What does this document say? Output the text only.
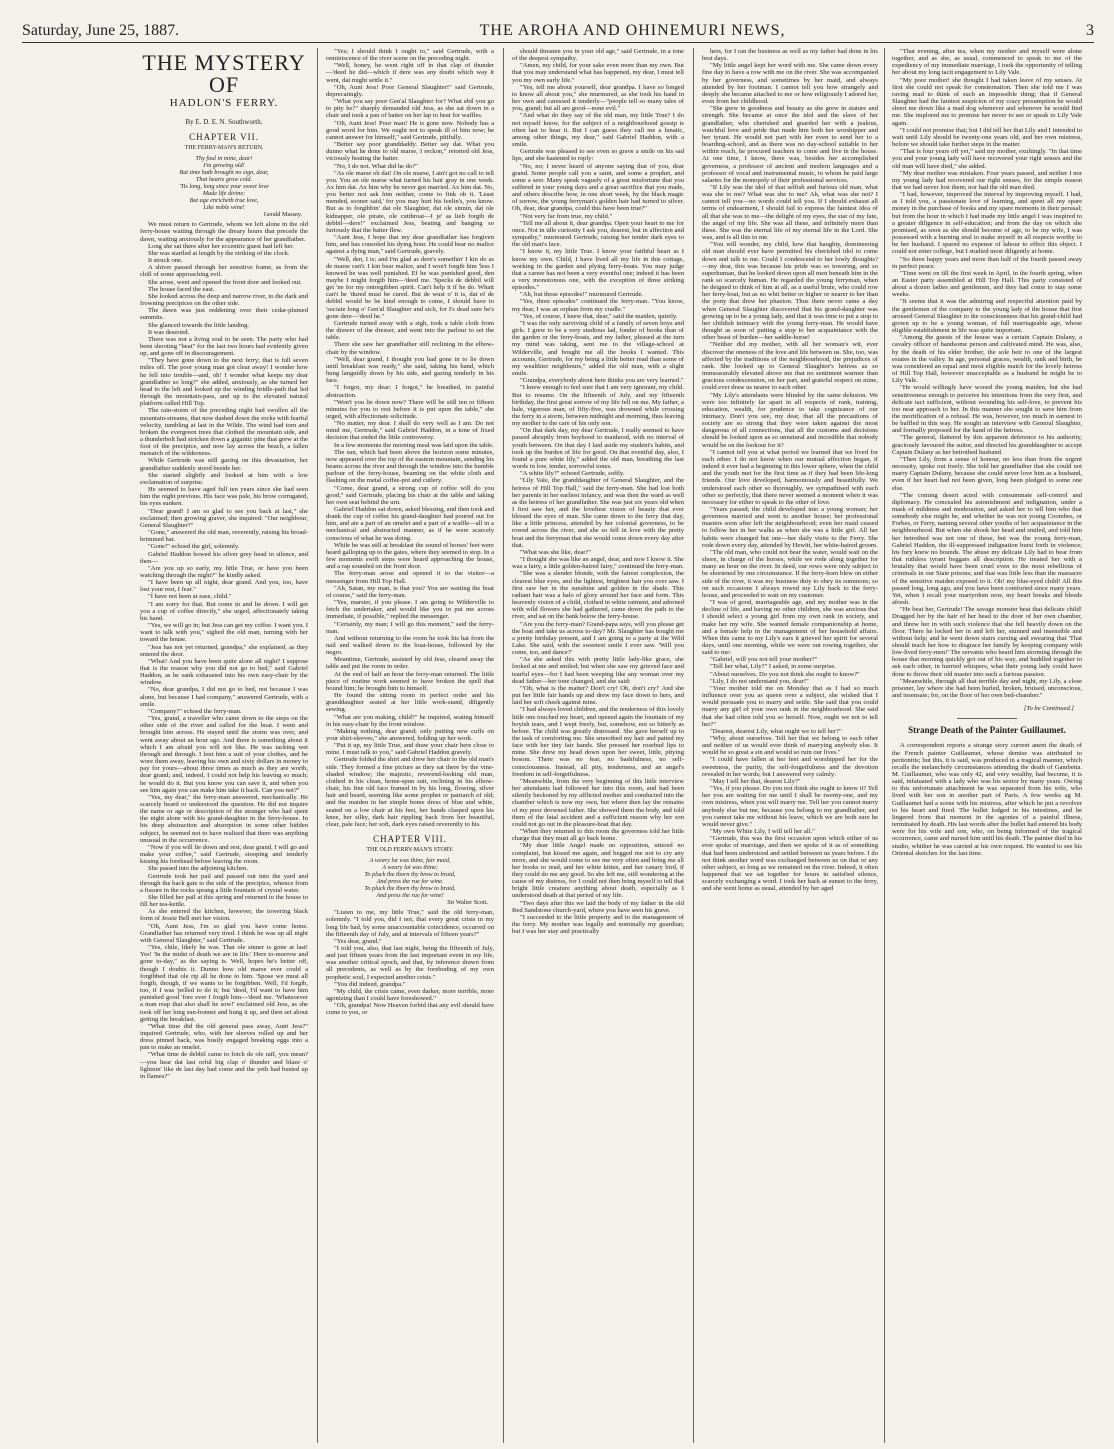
Saturday, June 25, 1887.	THE AROHA AND OHINEMURI NEWS,	3
THE MYSTERY OF
HADLON'S FERRY.
By E. D. E. N. Southworth.
CHAPTER VII.
THE FERRY-MAN'S RETURN.
Thy foul in mine, dear!
I'm growing old!
But time hath brought no sign, dear,
That hearts grow cold.
'Tis long, long since your sweet love
Made life divine;
But age enricheth true love,
Like noble wine!
Gerald Massey.

We must return to Gertrude, whom we left alone in the old ferry-house waiting through the dreary hours that precede the dawn, waiting anxiously for the appearance of her grandfather.

Long she sat there after her eccentric guest had left her.

She was startled at length by the striking of the clock.

It struck one.

A shiver passed through her sensitive frame, as from the chill of some approaching evil.

She arose, went and opened the front door and looked out.

The house faced the east.

She looked across the deep and narrow river, to the dark and frowning precipices on the other side.

The dawn was just reddening over their cedar-plumed summits.

She glanced towards the little landing.

It was deserted.

There was not a living soul to be seen. The party who had been shooting "beat" for the last two hours had evidently given up, and gone off in discouragement.

"They have gone down to the next ferry; that is full seven miles off. The poor young man got clear away! I wonder how he fell into trouble—and, oh! I wonder what keeps my dear grandfather so long?" she added, anxiously, as she turned her head to the left and looked up the winding bridle-path that led through the mountain-pass, and up to the elevated natural platform called Hill Top.

The rain-storm of the preceding night had swollen all the mountain-streams, that now dashed down the rocks with fearful velocity, tumbling at last in the Wilde. The wind had torn and broken the evergreen trees that clothed the mountain side, and a thunderbolt had stricken down a gigantic pine that grew at the foot of the precipice, and now lay across the beach, a fallen monarch of the wilderness.

While Gertrude was still gazing on this devastation, her grandfather suddenly stood beside her.

She started slightly and looked at him with a low exclamation of surprise.

He seemed to have aged full ten years since she had seen him the night previous. His face was pale, his brow corrugated, his eyes sunken.

"Dear grand! I am so glad to see you back at last," she exclaimed; then growing graver, she inquired: "Our neighbour, General Slaughter?"

"Gone," answered the old man, reverently, raising his broad-brimmed hat.

"Gone!" echoed the girl, solemnly.

Gabriel Haddon bowed his silver grey head in silence, and then—

"Are you up so early, my little True, or have you been watching through the night?" he kindly asked.

"I have been up all night, dear grand. And you, too, have lost your rest, I fear."

"I have not been at ease, child."

"I am sorry for that. But come in and lie down. I will get you a cup of coffee directly," she urged, affectionately taking his hand.

"Yes, we will go in; but Jess can get my coffee. I want you. I want to talk with you," sighed the old man, turning with her toward the house.

"Jess has not yet returned, grandpa," she explained, as they entered the door.

"What! And you have been quite alone all night? I suppose that is the reason why you did not go to bed," said Gabriel Haddon, as he sank exhausted into his own easy-chair by the window.

"No, dear grandpa, I did not go to bed, not because I was alone, but because I had company," answered Gertrude, with a smile.

"Company?" echoed the ferry-man.

"Yes, grand, a traveller who came down to the steps on the other side of the river and called for the boat. I went and brought him across. He stayed until the storm was over, and went away about an hour ago. And there is something about it which I am afraid you will not like. He was tacking wet through and through. I lent him a suit of your clothes, and he wore them away, leaving his own and sixty dollars in money to pay for yours—about three times as much as they are worth, dear grand; and, indeed, I could not help his leaving so much; he would do it. But you know you can save it, and when you see him again you can make him take it back. Can you not?"

"Yes, my dear," the ferry-man answered, mechanically. He scarcely heard or understood the question. He did not inquire the name or age or description of the stranger who had spent the night alone with his grand-daughter in the ferry-house. In his deep abstraction and absorption in some other hidden subject, he seemed not to have realised that there was anything unusual in the occurrence.

"Now if you will lie down and rest, dear grand, I will go and make your coffee," said Gertrude, stooping and tenderly kissing his forehead before leaving the room.

She passed into the adjoining kitchen.

Gertrude took her pail and passed out into the yard and through the back gate to the side of the precipice, whence from a fissure in the rocks sprang a little fountain of crystal water.

She filled her pail at this spring and returned to the house to fill her tea-kettle.

As she entered the kitchen, however, the towering black form of Jessie Bell met her vision.

"Oh, Aunt Jess, I'm so glad you have come home. Grandfather has returned very tired. I think he was up all night with General Slaughter," said Gertrude.

"Yes, chile, likely he was. That ole sinner is gone at last! Yes! 'In the midst of death we are in life.' Here to-morrow and gone to-day," as the saying is. Well, hopes he's better off, though I doubts it. Dunno how old marse ever could a forgibbed that ole rip all he done to him. 'Spose we must all forgib, though, if we wants to be forgibben. Well, I'd forgib, too, if I was 'pelled to do it; but 'deed, I'd want to have him punished good 'fore ever I forgib him—'deed me. 'Whatsoever a man reap that also shall he sow!' exclaimed old Jess, as she took off her long sun-bonnet and hung it up, and then set about getting the breakfast.

"What time did the old general pass away, Aunt Jess?" inquired Gertrude, who, with her sleeves rolled up and her dress pinned back, was busily engaged breaking eggs into a pan to make an omelet.

"What time de debbil came to fotch de ole raff, you mean?—you hear dat last orful big clap o' thunder and blaze o' lightnin' like de last day had come and the yeth had busted up in flames?"

"Yes; I should think I ought to," said Gertrude, with a reminiscence of the river scene on the preceding night.

"Well, honey, he went right off in that clap of thunder—'deed he did—which if dere was any doubt which way it went, dat might settle it."

"Oh, Aunt Jess! Poor General Slaughter!" said Gertrude, deprecatingly.

"What you say poor Gen'al Slaughter for? What ebil you go to pity he?" sharply demanded old Jess, as she sat down in a chair and took a pan of batter on her lap to beat for waffles.

"Oh, Aunt Jess! Poor man! He is gone now. Nobody has a good word for him. We ought not to speak ill of him now; he cannot answer for himself," said Gertrude, pitifully.

"Better say poor granddaddy. Better say dat. What you dunno what he done to old marse, I reckon," retorted old Jess, viciously beating the batter.

"No, I do not. What did he do?"

"As ole marse ob dat! On ole marse, I ain't got no call to tell you. You an ole marse what turned his hair gray in one week. Ax him dat. Ax him why he never got married. Ax him dat. No, you better not ask him neither, come to fink ob it. 'Least mended, sooner said,' for you may hurt his feelin's, you know. But as to forgibbin' dat ole Slaughter, dat ole sinnin, dat ole kidnapper, ole pirate, ole cutthroat—I je' as lieb forgib de debbil—dere!" exclaimed Jess, beating and banging so furiously that the batter flew.

"Aunt Jess, I hope that my dear grandfather has forgiven him, and has consoled his dying hour. He could bear no malice against a dying man," said Gertrude, gravely.

"Well, den, I is; and I'm glad as dere's somethin' I kin do as de marse can't. I kin bear malice, and I won't forgib him 'less I knowed he was well punished. Ef he was punished good, den maybe I might forgib him—'deed me. 'Specks de debbil will get 'ne for my ontorgibben spirit. Can't help it if he do. Whatt can't be 'dured must be cured. But de wust o' it is, dat ef de debbil would be be kind enough to come, I should have to 'sociate long o' Gen'al Slaughter and sich, for I's dead sure he's gone dere—'deed he."

Gertrude turned away with a sigh, took a table cloth from the drawer of the dresser, and went into the parlour to set the table.

There she saw her grandfather still reclining in the elbow-chair by the window.

"Well, dear grand, I thought you had gone in to lie down until breakfast was ready," she said, taking his hand, which hung languidly down by his side, and gazing tenderly in his face.

"I forgot, my dear; I forgot," he breathed, in painful abstraction.

"Won't you lie down now? There will be still ten or fifteen minutes for you to rest before it is put upon the table," she urged, with affectionate solicitude.

"No matter, my dear. I shall do very well as I am. Do not mind me, Gertrude," said Gabriel Haddon, in a tone of fixed decision that ended the little controversy.

In a few moments the morning meal was laid upon the table.

The sun, which had been above the horizon some minutes, now appeared over the top of the eastern mountain, sending his beams across the river and through the window into the humble parlour of the ferry-house, beaming on the white cloth and flashing on the metal coffee-pot and cutlery.

"Come, dear grand, a strong cup of coffee will do you good," said Gertrude, placing his chair at the table and taking her own seat behind the urn.

Gabriel Haddon sat down, asked blessing, and then took and drank the cup of coffee his grand-daughter had poured out for him, and ate a part of an omelet and a part of a waffle—all in a mechanical and abstracted manner, as if he were scarcely conscious of what he was doing.

While he was still at breakfast the sound of horses' feet were heard galloping up to the gates, where they seemed to stop. In a few moments swift steps were heard approaching the house, and a rap sounded on the front door.

The ferry-man arose and opened it to the visitor—a messenger from Hill Top Hall.

"Ah, Satan, my man, is that you? You are waiting the boat of course," said the ferry-man.

"Yes, marster, if you please. I am going to Wilderville to fetch the undertaker, and would like you to put me across immediate, if possible," replied the messenger.

"Certainly, my man; I will go this moment," said the ferry-man.

And without returning to the room he took his hat from the nail and walked down to the boat-house, followed by the negro.

Meantime, Gertrude, assisted by old Jess, cleared away the table and put the room in order.

At the end of half an hour the ferry-man returned. The little piece of routine work seemed to have broken the spell that bound him; he brought him to himself.

He found the sitting room in perfect order and his granddaughter seated at her little work-stand, diligently sewing.

"What are you making, child?" he inquired, seating himself in his easy-chair by the front window.

"Making nothing, dear grand; only putting new cuffs on your shirt-sleeves," she answered, holding up her work.

"Put it up, my little True, and draw your chair here close to mine. I must talk to you," said Gabriel Haddon gravely.

Gertrude folded the shirt and drew her chair to the old man's side. They formed a fine picture as they sat there by the vine-shaded window; the majestic, reverend-looking old man, clothed in his clean, home-spun suit, reclining in his elbow-chair, his fine old face framed in by his long, flowing, silver hair and beard, seeming like some prophet or patriarch of old; and the maiden in her simple home dress of blue and white, seated on a low chair at his feet, her hands clasped upon his knee, her silky, dark hair rippling back from her beautiful, clear, pale face; her soft, dark eyes raised reverently to his.

CHAPTER VIII.
THE OLD FERRY-MAN'S STORY.
A weary lot was thine, fair maid,
A weary lot was thine;
To pluck the thorn thy brow to braid,
And press the rue for wine.
To pluck the thorn thy brow to braid,
And press the rue for wine!
Sir Walter Scott.

"Listen to me, my little True," said the old ferry-man, solemnly. "I told you, did I not, that every great crisis in my long life had, by some unaccountable coincidence, occurred on the fifteenth day of July, and at intervals of fifteen years?"

"Yes dear, grand."

"I told you, also, that last night, being the fifteenth of July, and just fifteen years from the last important event in my life, was another critical epoch, and that, by inference drawn from all precedents, as well as by the foreboding of my own prophetic soul, I expected another crisis."

"You did indeed, grandpa."

"My child, the crisis came, even darker, more terrible, more agonizing than I could have foreshowed."

"Oh, grandpa! Now Heaven forbid that any evil should have come to you, or

should threaten you in your old age," said Gertrude, in a tone of the deepest sympathy.

"Amen, my child, for your sake even more than my own. But that you may understand what has happened, my dear, I must tell you my own early life."

"Yes, tell me about yourself, dear grandpa. I have so longed to know all about you," she murmured, as she took his hand in her own and caressed it tenderly—"people tell so many tales of you, grand; but all are good—none evil."

"And what do they say of the old man, my little True? I do not myself know, for the subject of a neighbourhood gossip is often last to hear it. But I can guess they call me a lunatic, among other things, my dear," said Gabriel Haddon, with a smile.

Gertrude was pleased to see even so grave a smile on his sad lips, and she hastened to reply:

"No, no; I never heard of anyone saying that of you, dear grand. Some people call you a saint, and some a prophet, and some a seer. Many speak vaguely of a great misfortune that you suffered in your young days and a great sacrifice that you made, and others describe how, in one short week, by the black magic of sorrow, the young ferryman's golden hair had turned to silver. Oh, dear, dear grandpa, could this have been true?"

"Not very far from true, my child."

"Tell me all about it, dear grandpa. Open your heart to me for once. Not in idle curiosity I ask you, dearest, but in affection and sympathy," murmured Gertrude, raising her tender dark eyes to the old man's face.

"I know it, my little True. I know your faithful heart as I know my own. Child, I have lived all my life in this cottage, working in the garden and plying ferry-boats. You may judge that a career has not been a very eventful one; indeed it has been a very monotonous one, with the exception of three striking episodes."

"Ah, but those episodes!" murmured Gertrude.

"Yes, three episodes" continued the ferry-man. "You know, my dear, I was an orphan from my cradle."

"Yes, of course, I knew that, dear," said the maiden, quietly.

"I was the only surviving child of a family of seven boys and girls. I grew to be a very studious lad, fonder of books than of the garden or the ferry-boats, and my father, pleased at the turn my mind was taking, sent me to the village-school at Wilderville, and bought me all the books I wanted. This accounts, Gertrude, for my being a little better read than some of my wealthier neighbours," added the old man, with a slight smile.

"Grandpa, everybody about here thinks you are very learned."

"I knew enough to feel sure that I am very ignorant, my child. But to resume. On the fifteenth of July, and my fifteenth birthday, the first great sorrow of my life fell on me. My father, a hale, vigorous man, of fifty-five, was drowned while crossing the ferry in a storm, between midnight and morning, thus leaving my mother to the care of his only son.

"On that dark day, my dear Gertrude, I really seemed to have passed abruptly from boyhood to manhood, with no interval of youth between. On that day I laid aside my student's habits, and took up the burden of life for good. On that eventful day, also, I found a pure white lily," added the old man, breathing the last words in low, tender, sorrowful tones.

"A white lily?" echoed Gertrude, softly.

"Lily Vale, the granddaughter of General Slaughter, and the heiress of Hill Top Hall," said the ferry-man. She had lost both her parents in her earliest infancy, and was then the ward as well as the heiress of her grandfather. She was just six years old when I first saw her, and the loveliest vision of beauty that ever blessed the eyes of man. She came down to the ferry that day, like a little princess, attended by her colonial governess, to be rowed across the river, and she so fell in love with the pretty boat and the ferryman that she would come down every day after that.

"What was she like, dear?"

"I thought she was like an angel, dear, and now I know it. She was a fairy, a little golden-haired fairy," continued the ferry-man.

"She was a slender blonde, with the fairest complexion, the clearest blue eyes, and the lightest, brightest hair you ever saw. I first saw her in the sunshine and golden in the shade. This radiant hair was a halo of glory around her face and form. This heavenly vision of a child, clothed in white raiment, and adorned with wild flowers she had gathered, came down the path to the river, and sat on the bank below the ferry-house.

"Are you the ferry-man? Grand-papa says, will you please get the boat and take us across to-day? Mr. Slaughter has bought me a pretty birthday present, and I am going to a party at the Wild Lake. She said, with the sweetest smile I ever saw. 'Will you come, too, and dance?'

"As she asked this with pretty little lady-like grace, she looked at me and smiled; but when she saw my grieved face and tearful eyes—for I had been weeping like any woman over my dead father—her tone changed, and she said:

"'Oh, what is the matter? Don't cry! Oh, don't cry!' And she put her little fair hands up and drew my face down to hers, and laid her soft cheek against mine.

"I had always loved children, and the tenderness of this lovely little one touched my heart, and opened again the fountain of my boyish tears, and I wept freely, but, somehow, not so bitterly as before. The child was greatly distressed. She gave herself up to the task of comforting me. She smoothed my hair and patted my face with her tiny fair hands. She pressed her rosebud lips to mine. She drew my head down upon her sweet, little, pitying bosom. There was no fear, no bashfulness, no self-consciousness. Instead, all pity, tenderness, and an angel's freedom in self-forgetfulness.

"Meanwhile, from the very beginning of this little interview her attendants had followed her into this room, and had been silently beckoned by my afflicted mother and conducted into the chamber which is now my own, but where then lay the remains of my poor drowned father. She showed them the body, and told them of the fatal accident and a sufficient reason why her son could not go out in the pleasure-boat that day.

"When they returned to this room the governess told her little charge that they must all go back home.

"My dear little Angel made no opposition, uttered no complaint, but kissed me again, and begged me not to cry any more, and she would come to see me very often and bring me all her books to read, and her white kitten, and her canary bird, if they could do me any good. So she left me, still wondering at the cause of my distress, for I could not then bring myself to tell that bright little creature anything about death, especially as I understood death at that period of my life.

"Two days after this we laid the body of my father in the old Red Sandstone church-yard, where you have seen his grave.

"I succeeded to the little property and to the management of the ferry. My mother was legally and nominally my guardian; but I was her stay and practically

hers, for I ran the business as well as my father had done in his best days.

"My little angel kept her word with me. She came down every fine day to have a row with me on the river. She was accompanied by her governess, and sometimes by her maid, and always attended by her footman. I cannot tell you how strangely and deeply she became attached to me or how religiously I adored her, even from her childhood.

"She grew in goodness and beauty as she grew in stature and strength. She became at once the idol and the slave of her grandfather, who cherished and guarded her with a jealous, watchful love and pride that made him both her worshipper and her tyrant. He would not part with her even to send her to a boarding-school, and as there was no day-school suitable to her within reach, he procured teachers to come and live in the house. At one time, I know, there was, besides her accomplished governess, a professor of ancient and modern languages and a professor of vocal and instrumental music, to whom he paid large salaries for the monopoly of their professional services.

"If Lily was the idol of that selfish and furious old man, what was she to me? What was she to me? Ah, what was she not? I cannot tell you—no words could tell you. If I should exhaust all terms of endearment, I should fail to express the faintest idea of all that she was to me—the delight of my eyes, the star of my fate, the angel of my life. She was all these, and infinitely more than these. She was the eternal life of my eternal life in the Lord. She was, and is all this to me.

"You will wonder, my child, how that haughty, domineering old man should ever have permitted his cherished idol to come down and talk to me. Could I condescend to her lowly thoughts?—my dear, this was because his pride was so towering, and so superhuman, that he looked down upon all men beneath him in the rank so scarcely human. He regarded the young ferryman, when he deigned to think of him at all, as a useful brute, who could row her ferry-boat, but as no whit better or higher or nearer to her than the pony that drew her phaeton. Thus there never came a day when General Slaughter discovered that his grand-daughter was growing up to be a young lady, and that it was time to put a stop to her childish intimacy with the young ferry-man. He would have thought as soon of putting a stop to her acquaintance with the other beast of burden—her saddle-horse!

"Neither did my mother, with all her woman's wit, ever discover the oneness of the love and life between us. She, too, was affected by the traditions of the neighbourhood, the prejudices of rank. She looked up to General Slaughter's heiress as so immeasurably elevated above me that no sentiment warmer than gracious condescension, on her part, and grateful respect on mine, could ever draw us nearer to each other.

"My Lily's attendants were blinded by the same delusion. We were too infinitely far apart in all respects of rank, training, education, wealth, for prudence to take cognizance of our intimacy. Don't you see, my dear, that all the precautions of society are so strong that they were taken against the most dangerous of all connections, that all the customs and decisions should be looked upon as so unnatural and incredible that nobody would be on the lookout for it?

"I cannot tell you at what period we learned that we lived for each other. I do not know when our mutual affection began, if indeed it ever had a beginning in this lower sphere, when the child and the youth met for the first time as if they had been life-long friends. Our love developed, harmoniously and beautifully. We understood each other so thoroughly, we sympathised with each other so perfectly, that there never seemed a moment when it was necessary for either to speak to the other of love.

"Years passed; the child developed into a young woman; her governess married and went to another house; her professional masters soon after left the neighbourhood; even her maid ceased to follow her in her walks as when she was a little girl. All her habits were changed but one—her daily visits to the Ferry. She rode down every day, attended by Hewitt, her white-haired groom.

"The old man, who could not bear the water, would wait on the shore, in charge of the horses, while we rode along together for many an hour on the river. In deed, our rows were only subject to be shortened by one circumstance. If the ferry-horn blew on either side of the river, it was my business duty to obey its summons; so on such occasions I always rowed my Lily back to the ferry-house, and proceeded to wait on my customer.

"I was of good, marriageable age, and my mother was in the decline of life, and having no other children, she was anxious that I should select a young girl from my own rank in society, and make her my wife. She wanted female companionship at home, and a female help in the management of her household affairs. When this came to my Lily's ears it grieved her spirit for several days, until one morning, while we were out rowing together, she said to me:

"Gabriel, will you not tell your mother?"

"Tell her what, Lily?" I asked, in some surprise.

"About ourselves. Do you not think she ought to know?"

"Lily, I do not understand you, dear!"

"Your mother told me on Monday that as I had so much influence over you as queen over a subject, she wished that I would persuade you to marry and settle. She said that you could marry any girl of your own rank in the neighbourhood. She said that she had often told you so herself. Now, ought we not to tell her?"

"Dearest, dearest Lily, what ought we to tell her?"

"Why, about ourselves. Tell her that we belong to each other and neither of us would ever think of marrying anybody else. It would be so great a sin and would so ruin our lives."

"I could have fallen at her feet and worshipped her for the sweetness, the purity, the self-forgetfulness and the devotion revealed in her words; but I answered very calmly:

"May I tell her that, dearest Lily?"

"Yes, if you please. Do you not think she ought to know it? Tell her you are waiting for me until I shall be twenty-one, and my own mistress, when you will marry me. Tell her you cannot marry anybody else but me, because you belong to my grandfather, and you cannot take me without his leave, which we are both sure he would never give."

"My own White Lily, I will tell her all."

"Gertrude, this was the first occasion upon which either of us ever spoke of marriage, and then we spoke of it as of something that had been understood and settled between us years before. I do not think another word was exchanged between us on that or any other subject, so long as we remained on the river. Indeed, it often happened that we sat together for hours in satisfied silence, scarcely exchanging a word. I took her back at sunset to the ferry, and she went home as usual, attended by her aged

"That evening, after tea, when my mother and myself were alone together, and as she, as usual, commenced to speak to me of the expediency of my immediate marriage, I took the opportunity of telling her about my long tacit engagement to Lily Vale.

"My poor mother! she thought I had taken leave of my senses. At first she could not speak for consternation. Then she told me I was raving mad to think of such an impossible thing; that if General Slaughter had the faintest suspicion of my crazy presumption he would shoot me down like a mad dog whenever and wherever he would find me. She implored me to promise her never to see or speak to Lily Vale again.

"I could not promise that; but I did tell her that Lily and I intended to wait until Lily should be twenty-one years old, and her own mistress, before we should take further steps in the matter.

"That is four years off yet," said my mother, exultingly. "In that time you and your young lady will have recovered your right senses and the old man will have died," she added.

"My dear mother was mistaken. Four years passed, and neither I nor my young lady had recovered our right senses, for the simple reason that we had never lost them; nor had the old man died.

"I had, however, improved the interval by improving myself. I had, as I told you, a passionate love of learning, and spent all my spare money in the purchase of books and my spare moments in their perusal; but from the hour in which I had made my little angel I was inspired to a greater diligence in self-education; and from the day on which she promised, as soon as she should become of age, to be my wife, I was possessed with a burning zeal to make myself in all respects worthy to be her husband. I spared no expense of labour to effect this object. I could not enter college, but I studied most diligently at home.

"So three happy years and more than half of the fourth passed away in perfect peace.

"Time went on till the first week in April, in the fourth spring, when an Easter party assembled at Hill Top Hall. This party consisted of about a dozen ladies and gentlemen, and they had come to stay some weeks.

"It seems that it was the admiring and respectful attention paid by the gentlemen of the company to the young lady of the house that first aroused General Slaughter to the consciousness that his grand-child had grown up to be a young woman, of full marriageable age, whose eligible establishment in life was quite important.

"Among the guests of the house was a certain Captain Dulany, a cavalry officer of handsome person and cultivated mind. He was, also, by the death of his elder brother, the sole heir to one of the largest estates in the valley. In age, personal graces, wealth, rank and birth, he was considered an equal and most eligible match for the lovely heiress of Hill Top Hall, however unacceptable as a husband he might be to Lily Vale.

"He would willingly have wooed the young maiden, but she had sensitiveness enough to perceive his intentions from the very first, and delicate tact sufficient, without wounding his self-love, to prevent his too near approach to her. In this manner she sought to save him from the mortification of a refusal. He was, however, too much in earnest to be baffled in this way. He sought an interview with General Slaughter, and formally proposed for the hand of the heiress.

"The general, flattered by this apparent deference to his authority, graciously favoured the suitor, and directed his granddaughter to accept Captain Dulany as her betrothed husband.

"Then Lily, from a sense of honour, no less than from the urgent necessity, spoke out freely. She told her grandfather that she could not marry Captain Dulany, because she could never love him as a husband, even if her heart had not been given, long been pledged to some one else.

"The coming desert acted with consummate self-control and diplomacy. He concealed his astonishment and indignation, under a mask of mildness and moderation, and asked her to tell him who that somebody else might be, and whether he was not young Coombes, or Forbes, or Ferry, naming several other youths of her acquaintance in the neighbourhood. But when she shook her head and smiled, and told him her betrothed was not one of these, but was the young ferry-man, Gabriel Haddon, the ill-suppressed indignation burst forth in violence; his fury knew no bounds. The abuse my delicate Lily had to bear from that ruthless tyrant beggars all description. He treated her with a brutality that would have been cruel even to the most rebellious of criminals in our State prisons; and that was little less than the massacre of the sensitive maiden exposed to it. Oh! my blue-eyed child! All this passed long, long ago, and you have been comforted since many years. Yet, when I recall your martyrdom now, my heart breaks and bleeds afresh.

"He beat her, Gertrude! The savage monster beat that delicate child! Dragged her by the hair of her head to the door of her own chamber, and threw her in with such violence that she fell heavily down on the floor. There he locked her in and left her, stunned and insensible and without help; and he went down stairs cursing and swearing that 'That should teach her how to disgrace her family by keeping company with low-lived ferry-men!' The servants who heard him storming through the house that morning quickly got out of his way, and huddled together to ask each other, in hurried whispers, what their young lady could have done to throw their old master into such a furious passion.

"Meanwhile, through all that terrible day and night, my Lily, a close prisoner, lay where she had been hurled, broken, bruised, unconscious, and insensate; for, on the floor of her own bed-chamber."

[To be Continued.]
Strange Death of the Painter Guillaumet.

A correspondent reports a strange story current anent the death of the French painter Guillaumet, whose demise was attributed to peritonitis; but this, it is said, was produced in a tragical manner, which recalls the melancholy circumstances attending the death of Gambetta. M. Guillaumet, who was only 42, and very wealthy, had become, it is said, infatuated with a lady who was his senior by many years. Owing to this unfortunate attachment he was separated from his wife, who lived with her son in another part of Paris. A few weeks ag M. Guillaumet had a scene with his mistress, after which he put a revolver to his heart and fired. The bullet lodged in his intestines, and he lingered from that moment in the agonies of a painful illness, terminated by death. His last words after the bullet had entered his body were for his wife and son, who, on being informed of the tragical occurrence, came and nursed him until his death. The painter died in his studio, whither he was carried at his own request. He wanted to see his Oriental sketches for the last time.
